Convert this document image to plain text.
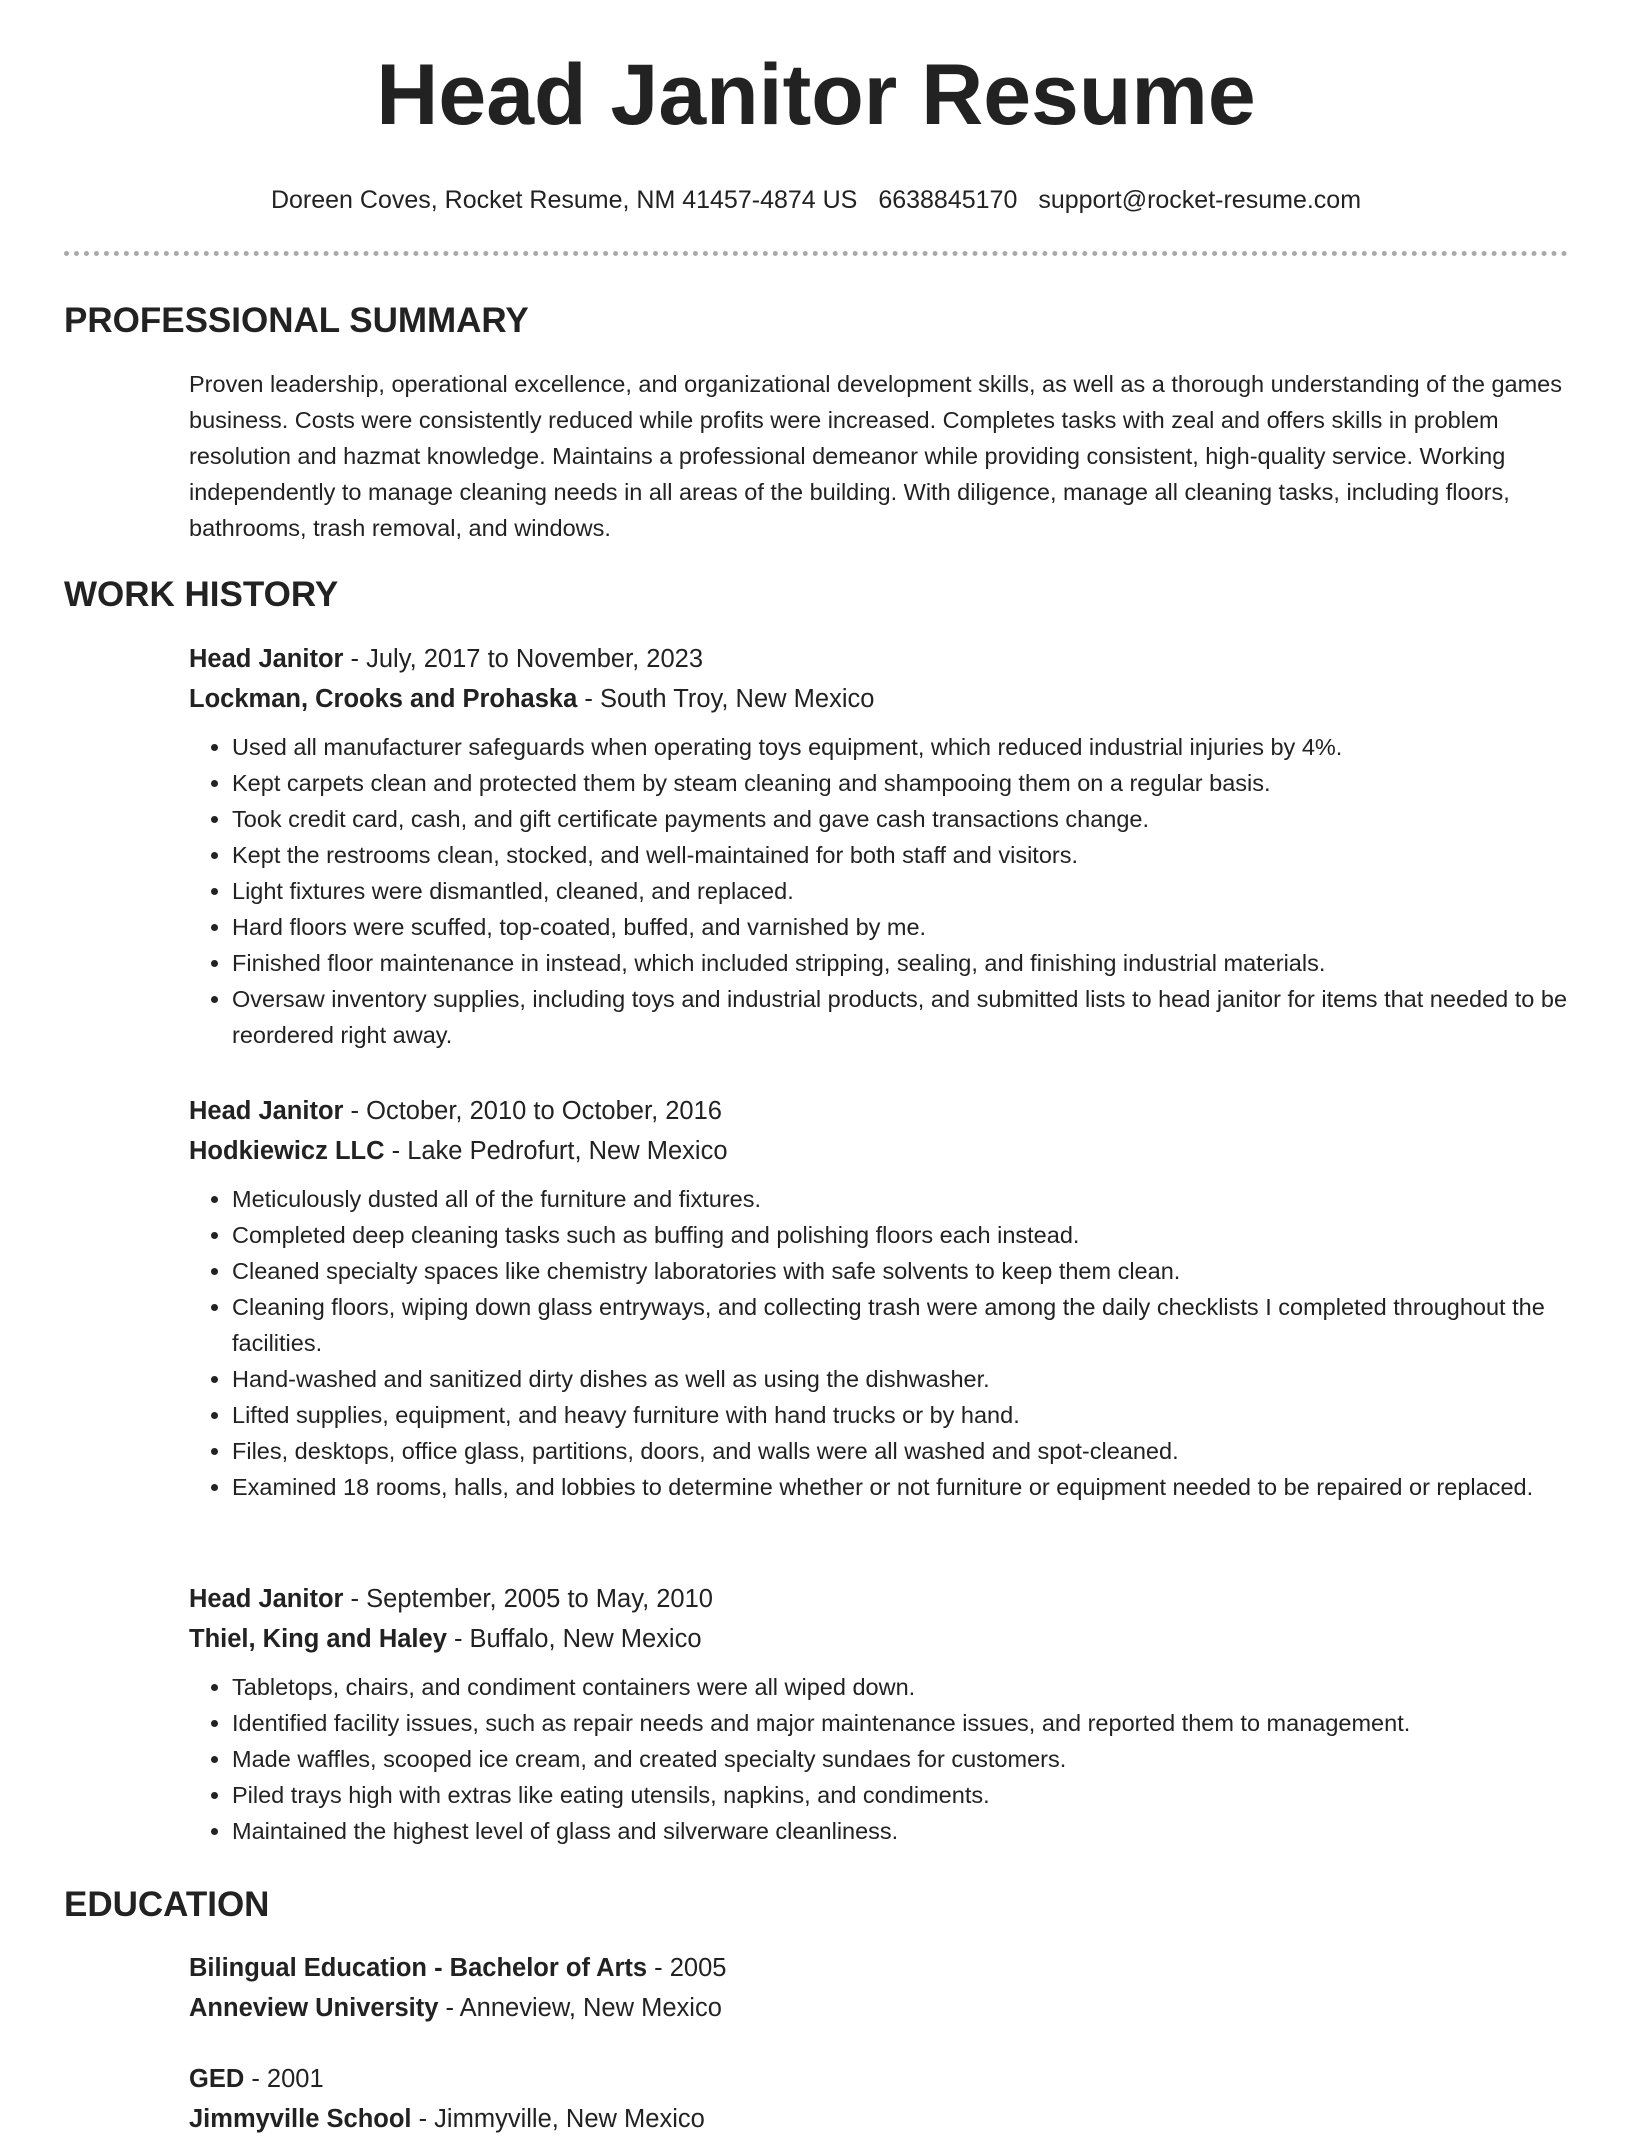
Head Janitor Resume
Doreen Coves, Rocket Resume, NM 41457-4874 US 6638845170 support@rocket-resume.com
PROFESSIONAL SUMMARY

Proven leadership, operational excellence, and organizational development skills, as well as a thorough understanding of the games business. Costs were consistently reduced while profits were increased. Completes tasks with zeal and offers skills in problem resolution and hazmat knowledge. Maintains a professional demeanor while providing consistent, high-quality service. Working independently to manage cleaning needs in all areas of the building. With diligence, manage all cleaning tasks, including floors, bathrooms, trash removal, and windows.

WORK HISTORY
Head Janitor - July, 2017 to November, 2023
Lockman, Crooks and Prohaska - South Troy, New Mexico
• Used all manufacturer safeguards when operating toys equipment, which reduced industrial injuries by 4%.
• Kept carpets clean and protected them by steam cleaning and shampooing them on a regular basis.
• Took credit card, cash, and gift certificate payments and gave cash transactions change.
• Kept the restrooms clean, stocked, and well-maintained for both staff and visitors.
• Light fixtures were dismantled, cleaned, and replaced.
• Hard floors were scuffed, top-coated, buffed, and varnished by me.
• Finished floor maintenance in instead, which included stripping, sealing, and finishing industrial materials.
• Oversaw inventory supplies, including toys and industrial products, and submitted lists to head janitor for items that needed to be reordered right away.
Head Janitor - October, 2010 to October, 2016
Hodkiewicz LLC - Lake Pedrofurt, New Mexico
• Meticulously dusted all of the furniture and fixtures.
• Completed deep cleaning tasks such as buffing and polishing floors each instead.
• Cleaned specialty spaces like chemistry laboratories with safe solvents to keep them clean.
• Cleaning floors, wiping down glass entryways, and collecting trash were among the daily checklists I completed throughout the facilities.
• Hand-washed and sanitized dirty dishes as well as using the dishwasher.
• Lifted supplies, equipment, and heavy furniture with hand trucks or by hand.
• Files, desktops, office glass, partitions, doors, and walls were all washed and spot-cleaned.
• Examined 18 rooms, halls, and lobbies to determine whether or not furniture or equipment needed to be repaired or replaced.
Head Janitor - September, 2005 to May, 2010
Thiel, King and Haley - Buffalo, New Mexico
• Tabletops, chairs, and condiment containers were all wiped down.
• Identified facility issues, such as repair needs and major maintenance issues, and reported them to management.
• Made waffles, scooped ice cream, and created specialty sundaes for customers.
• Piled trays high with extras like eating utensils, napkins, and condiments.
• Maintained the highest level of glass and silverware cleanliness.
EDUCATION
Bilingual Education - Bachelor of Arts - 2005
Anneview University - Anneview, New Mexico
GED - 2001
Jimmyville School - Jimmyville, New Mexico
